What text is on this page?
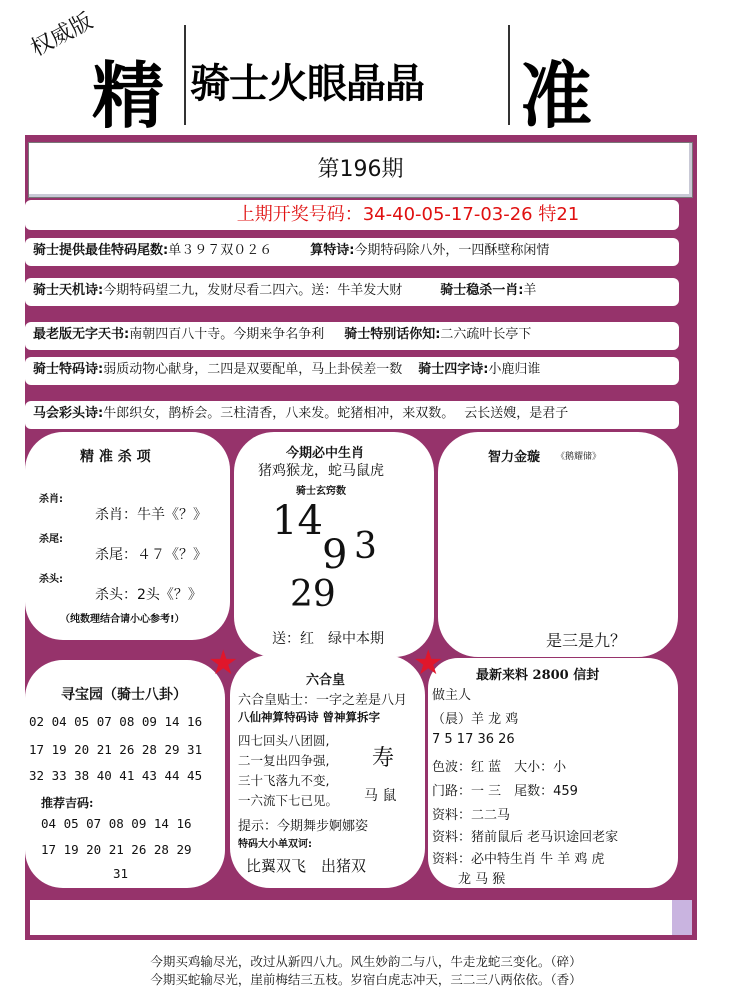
权威版
精 骑士火眼晶晶 准
第196期
上期开奖号码：34-40-05-17-03-26 特21
骑士提供最佳特码尾数:单３９７双０２６	算特诗:今期特码除八外，一四酥壁称闲情
骑士天机诗:今期特码望二九，发财尽看二四六。送：牛羊发大财	骑士稳杀一肖:羊
最老版无字天书:南朝四百八十寺。今期来争名争利 骑士特别话你知:二六疏叶长亭下
骑士特码诗:弱质动物心献身，二四是双要配单，马上卦侯差一数 骑士四字诗:小鹿归谁
马会彩头诗:牛郎织女，鹊桥会。三柱清香，八来发。蛇猪相冲，来双数。 云长送嫂，是君子
精 准 杀 项
杀肖:
杀肖：牛羊《？》
杀尾:
杀尾：４７《？》
杀头:
杀头：2头《？》
（纯数理结合请小心参考!）
今期必中生肖
猪鸡猴龙，蛇马鼠虎
骑士玄窍数
14
9 3
29
送：红　绿中本期
智力金璇 《鹅耀储》
是三是九？
寻宝园（骑士八卦）
02 04 05 07 08 09 14 16
17 19 20 21 26 28 29 31
32 33 38 40 41 43 44 45
推荐吉码:
04 05 07 08 09 14 16
17 19 20 21 26 28 29
31
六合皇
六合皇贴士：一字之差是八月
八仙神算特码诗 曾神算拆字
四七回头八团圆,
二一复出四争强,
三十飞落九不变,
一六流下七已见。
寿
马 鼠
提示：今期舞步婀娜姿
特码大小单双诃:
比翼双飞　出猪双
最新来料 2800 信封
做主人
（晨）羊 龙 鸡
7 5 17 36 26
色波：红 蓝　大小：小
门路：一 三　尾数：459
资料：二二马
资料：猪前鼠后 老马识途回老家
资料：必中特生肖 牛 羊 鸡 虎
　　龙 马 猴
★	★
今期买鸡输尽光，改过从新四八九。风生妙韵二与八，牛走龙蛇三变化。（碎）
今期买蛇输尽光，崖前梅结三五枝。岁宿白虎志冲天，三二三八两依依。（香）
